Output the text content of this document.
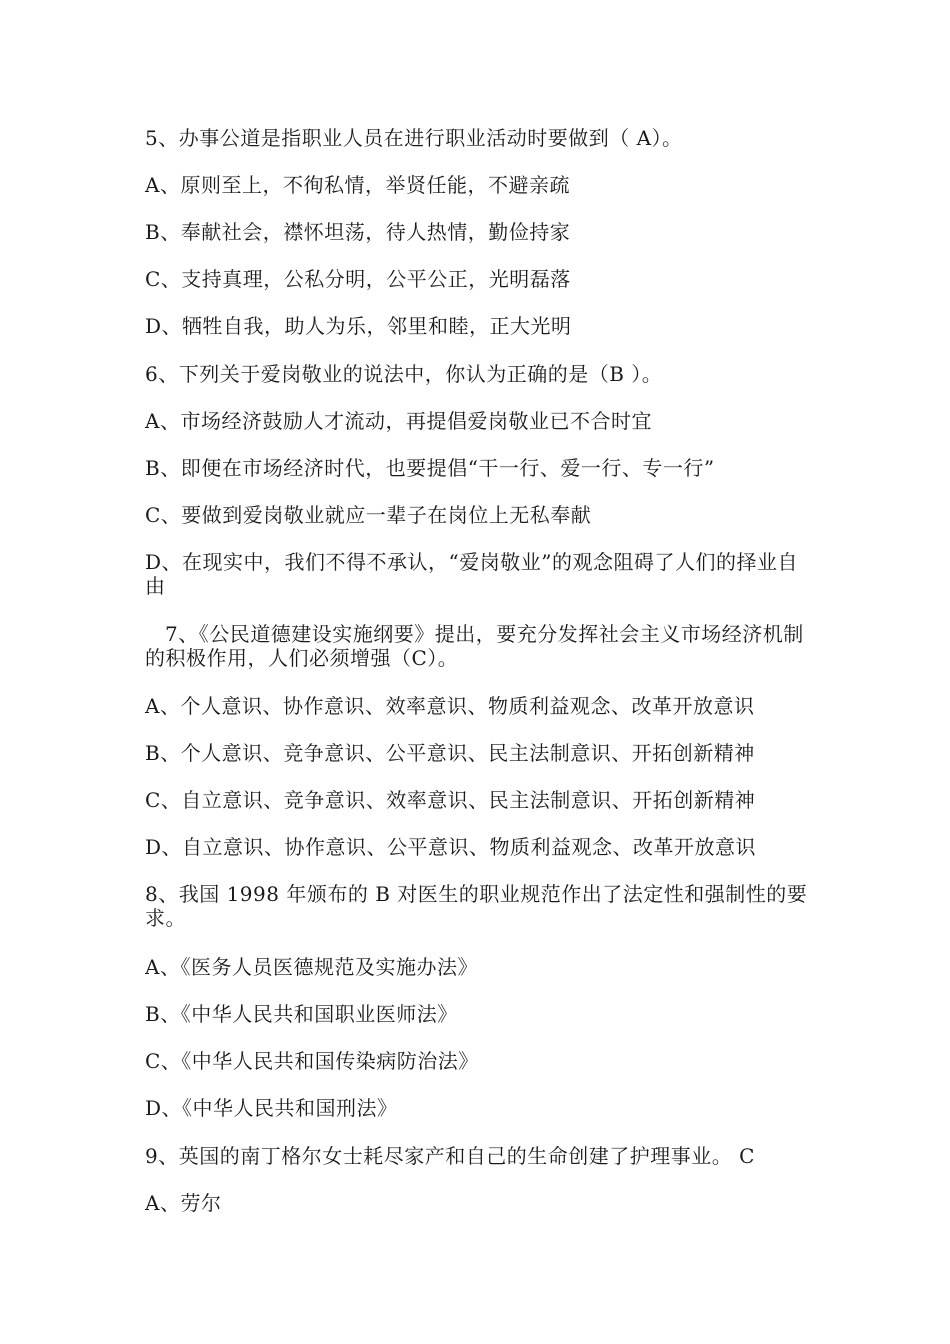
5、办事公道是指职业人员在进行职业活动时要做到（ A）。
A、原则至上，不徇私情，举贤任能，不避亲疏
B、奉献社会，襟怀坦荡，待人热情，勤俭持家
C、支持真理，公私分明，公平公正，光明磊落
D、牺牲自我，助人为乐，邻里和睦，正大光明
6、下列关于爱岗敬业的说法中，你认为正确的是（B ）。
A、市场经济鼓励人才流动，再提倡爱岗敬业已不合时宜
B、即便在市场经济时代，也要提倡“干一行、爱一行、专一行”
C、要做到爱岗敬业就应一辈子在岗位上无私奉献
D、在现实中，我们不得不承认，“爱岗敬业”的观念阻碍了人们的择业自由
7、《公民道德建设实施纲要》提出，要充分发挥社会主义市场经济机制的积极作用，人们必须增强（C）。
A、个人意识、协作意识、效率意识、物质利益观念、改革开放意识
B、个人意识、竞争意识、公平意识、民主法制意识、开拓创新精神
C、自立意识、竞争意识、效率意识、民主法制意识、开拓创新精神
D、自立意识、协作意识、公平意识、物质利益观念、改革开放意识
8、我国 1998 年颁布的 B 对医生的职业规范作出了法定性和强制性的要求。
A、《医务人员医德规范及实施办法》
B、《中华人民共和国职业医师法》
C、《中华人民共和国传染病防治法》
D、《中华人民共和国刑法》
9、英国的南丁格尔女士耗尽家产和自己的生命创建了护理事业。 C
A、劳尔
